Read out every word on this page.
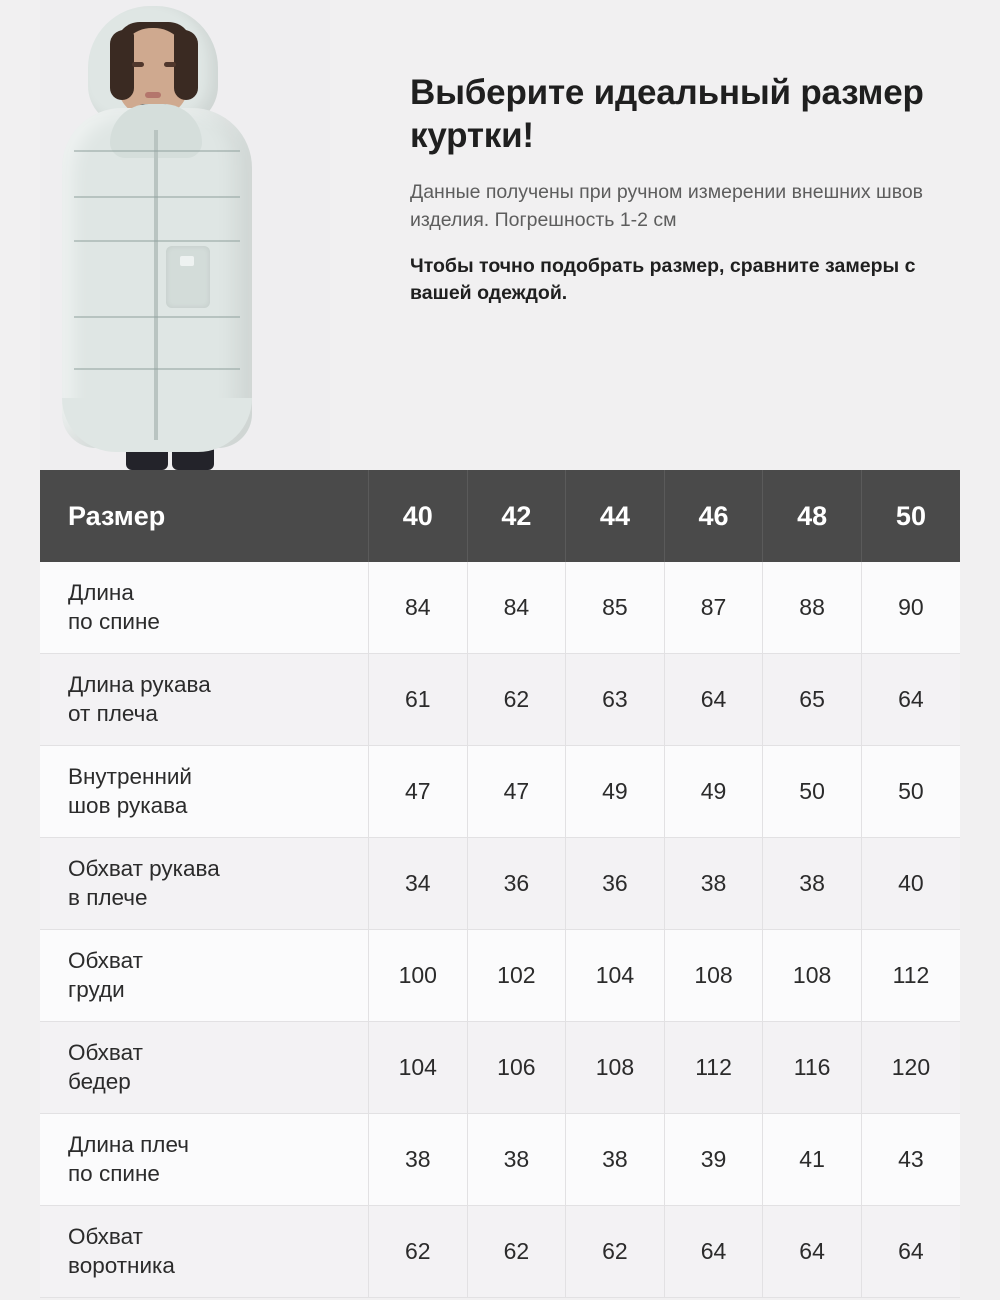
Выберите идеальный размер куртки!

Данные получены при ручном измерении внешних швов изделия. Погрешность 1-2 см

Чтобы точно подобрать размер, сравните замеры с вашей одеждой.

Размер	40	42	44	46	48	50
Длина
по спине	84	84	85	87	88	90
Длина рукава
от плеча	61	62	63	64	65	64
Внутренний
шов рукава	47	47	49	49	50	50
Обхват рукава
в плече	34	36	36	38	38	40
Обхват
груди	100	102	104	108	108	112
Обхват
бедер	104	106	108	112	116	120
Длина плеч
по спине	38	38	38	39	41	43
Обхват
воротника	62	62	62	64	64	64
